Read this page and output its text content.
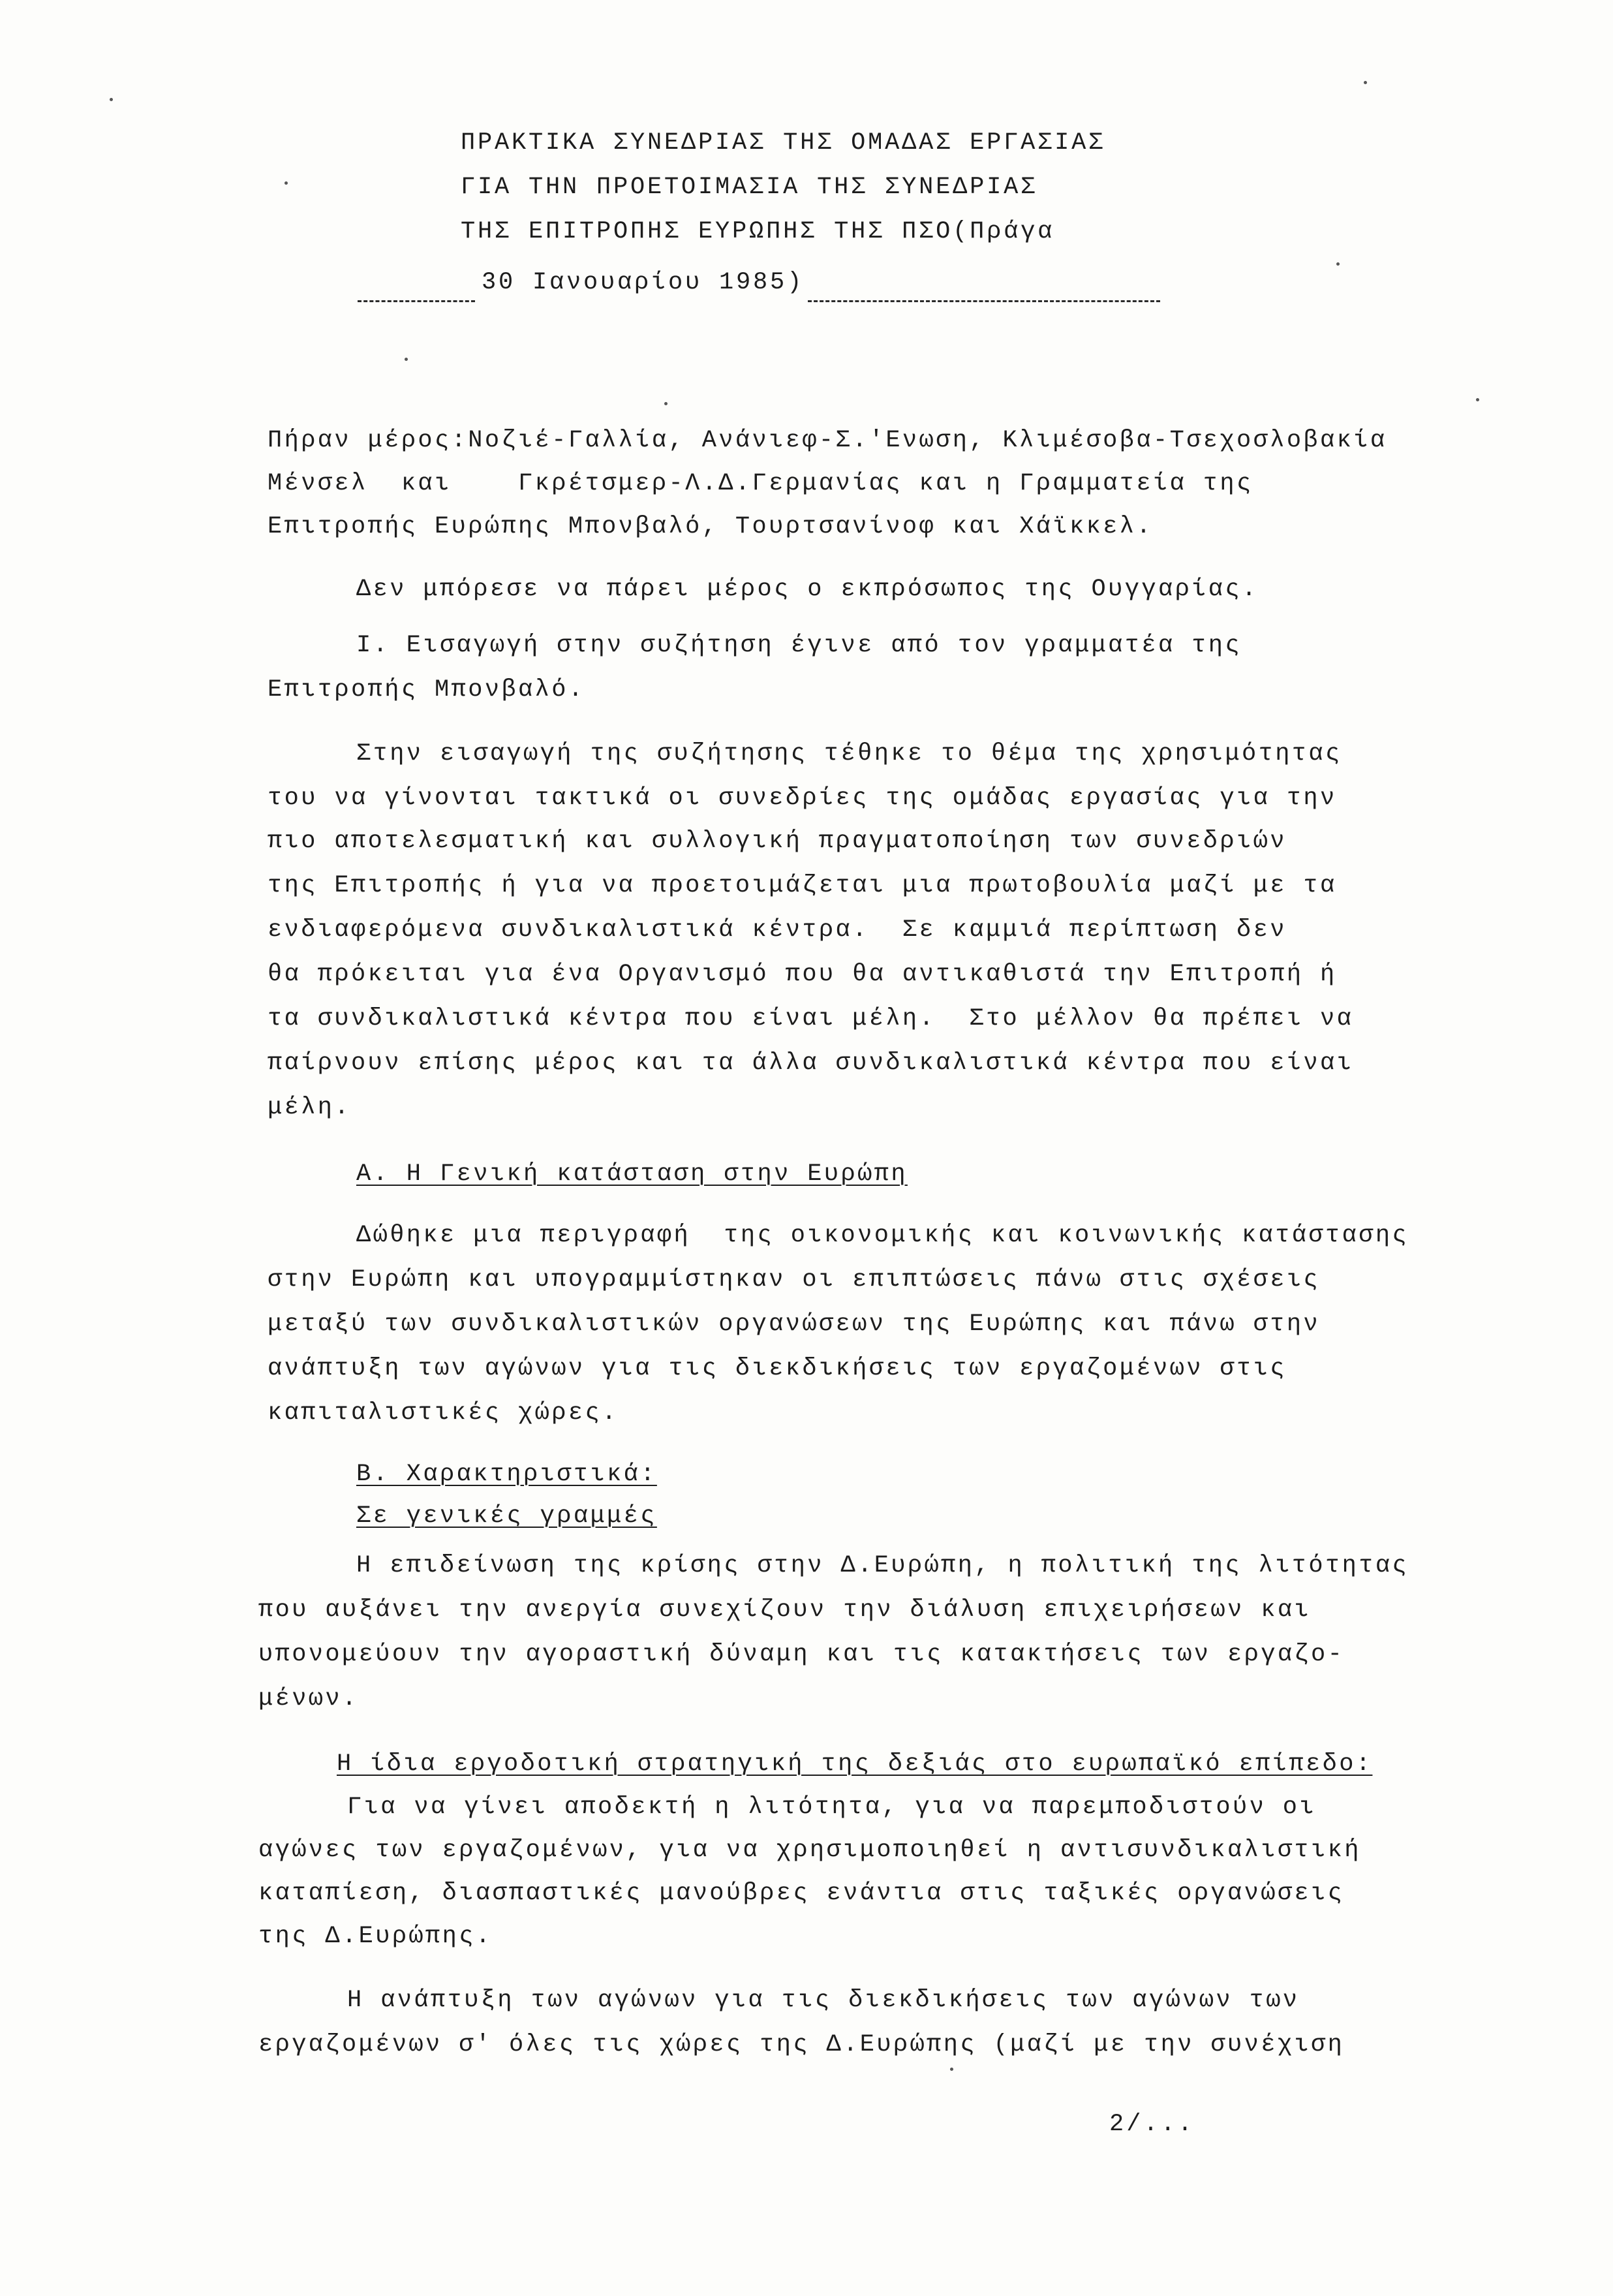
ΠΡΑΚΤΙΚΑ ΣΥΝΕΔΡΙΑΣ ΤΗΣ ΟΜΑΔΑΣ ΕΡΓΑΣΙΑΣ
ΓΙΑ ΤΗΝ ΠΡΟΕΤΟΙΜΑΣΙΑ ΤΗΣ ΣΥΝΕΔΡΙΑΣ
ΤΗΣ ΕΠΙΤΡΟΠΗΣ ΕΥΡΩΠΗΣ ΤΗΣ ΠΣΟ(Πράγα
30 Ιανουαρίου 1985)
Πήραν μέρος:Νοζιέ-Γαλλία, Ανάνιεφ-Σ.'Ενωση, Κλιμέσοβα-Τσεχοσλοβακία
Μένσελ  και    Γκρέτσμερ-Λ.Δ.Γερμανίας και η Γραμματεία της
Επιτροπής Ευρώπης Μπονβαλό, Τουρτσανίνοφ και Χάϊκκελ.
Δεν μπόρεσε να πάρει μέρος ο εκπρόσωπος της Ουγγαρίας.
Ι. Εισαγωγή στην συζήτηση έγινε από τον γραμματέα της
Επιτροπής Μπονβαλό.
Στην εισαγωγή της συζήτησης τέθηκε το θέμα της χρησιμότητας
του να γίνονται τακτικά οι συνεδρίες της ομάδας εργασίας για την
πιο αποτελεσματική και συλλογική πραγματοποίηση των συνεδριών
της Επιτροπής ή για να προετοιμάζεται μια πρωτοβουλία μαζί με τα
ενδιαφερόμενα συνδικαλιστικά κέντρα.  Σε καμμιά περίπτωση δεν
θα πρόκειται για ένα Οργανισμό που θα αντικαθιστά την Επιτροπή ή
τα συνδικαλιστικά κέντρα που είναι μέλη.  Στο μέλλον θα πρέπει να
παίρνουν επίσης μέρος και τα άλλα συνδικαλιστικά κέντρα που είναι
μέλη.
Α. Η Γενική κατάσταση στην Ευρώπη
Δώθηκε μια περιγραφή  της οικονομικής και κοινωνικής κατάστασης
στην Ευρώπη και υπογραμμίστηκαν οι επιπτώσεις πάνω στις σχέσεις
μεταξύ των συνδικαλιστικών οργανώσεων της Ευρώπης και πάνω στην
ανάπτυξη των αγώνων για τις διεκδικήσεις των εργαζομένων στις
καπιταλιστικές χώρες.
Β. Χαρακτηριστικά:
Σε γενικές γραμμές
Η επιδείνωση της κρίσης στην Δ.Ευρώπη, η πολιτική της λιτότητας
που αυξάνει την ανεργία συνεχίζουν την διάλυση επιχειρήσεων και
υπονομεύουν την αγοραστική δύναμη και τις κατακτήσεις των εργαζο-
μένων.
Η ίδια εργοδοτική στρατηγική της δεξιάς στο ευρωπαϊκό επίπεδο:
Για να γίνει αποδεκτή η λιτότητα, για να παρεμποδιστούν οι
αγώνες των εργαζομένων, για να χρησιμοποιηθεί η αντισυνδικαλιστική
καταπίεση, διασπαστικές μανούβρες ενάντια στις ταξικές οργανώσεις
της Δ.Ευρώπης.
Η ανάπτυξη των αγώνων για τις διεκδικήσεις των αγώνων των
εργαζομένων σ' όλες τις χώρες της Δ.Ευρώπης (μαζί με την συνέχιση
2/...
